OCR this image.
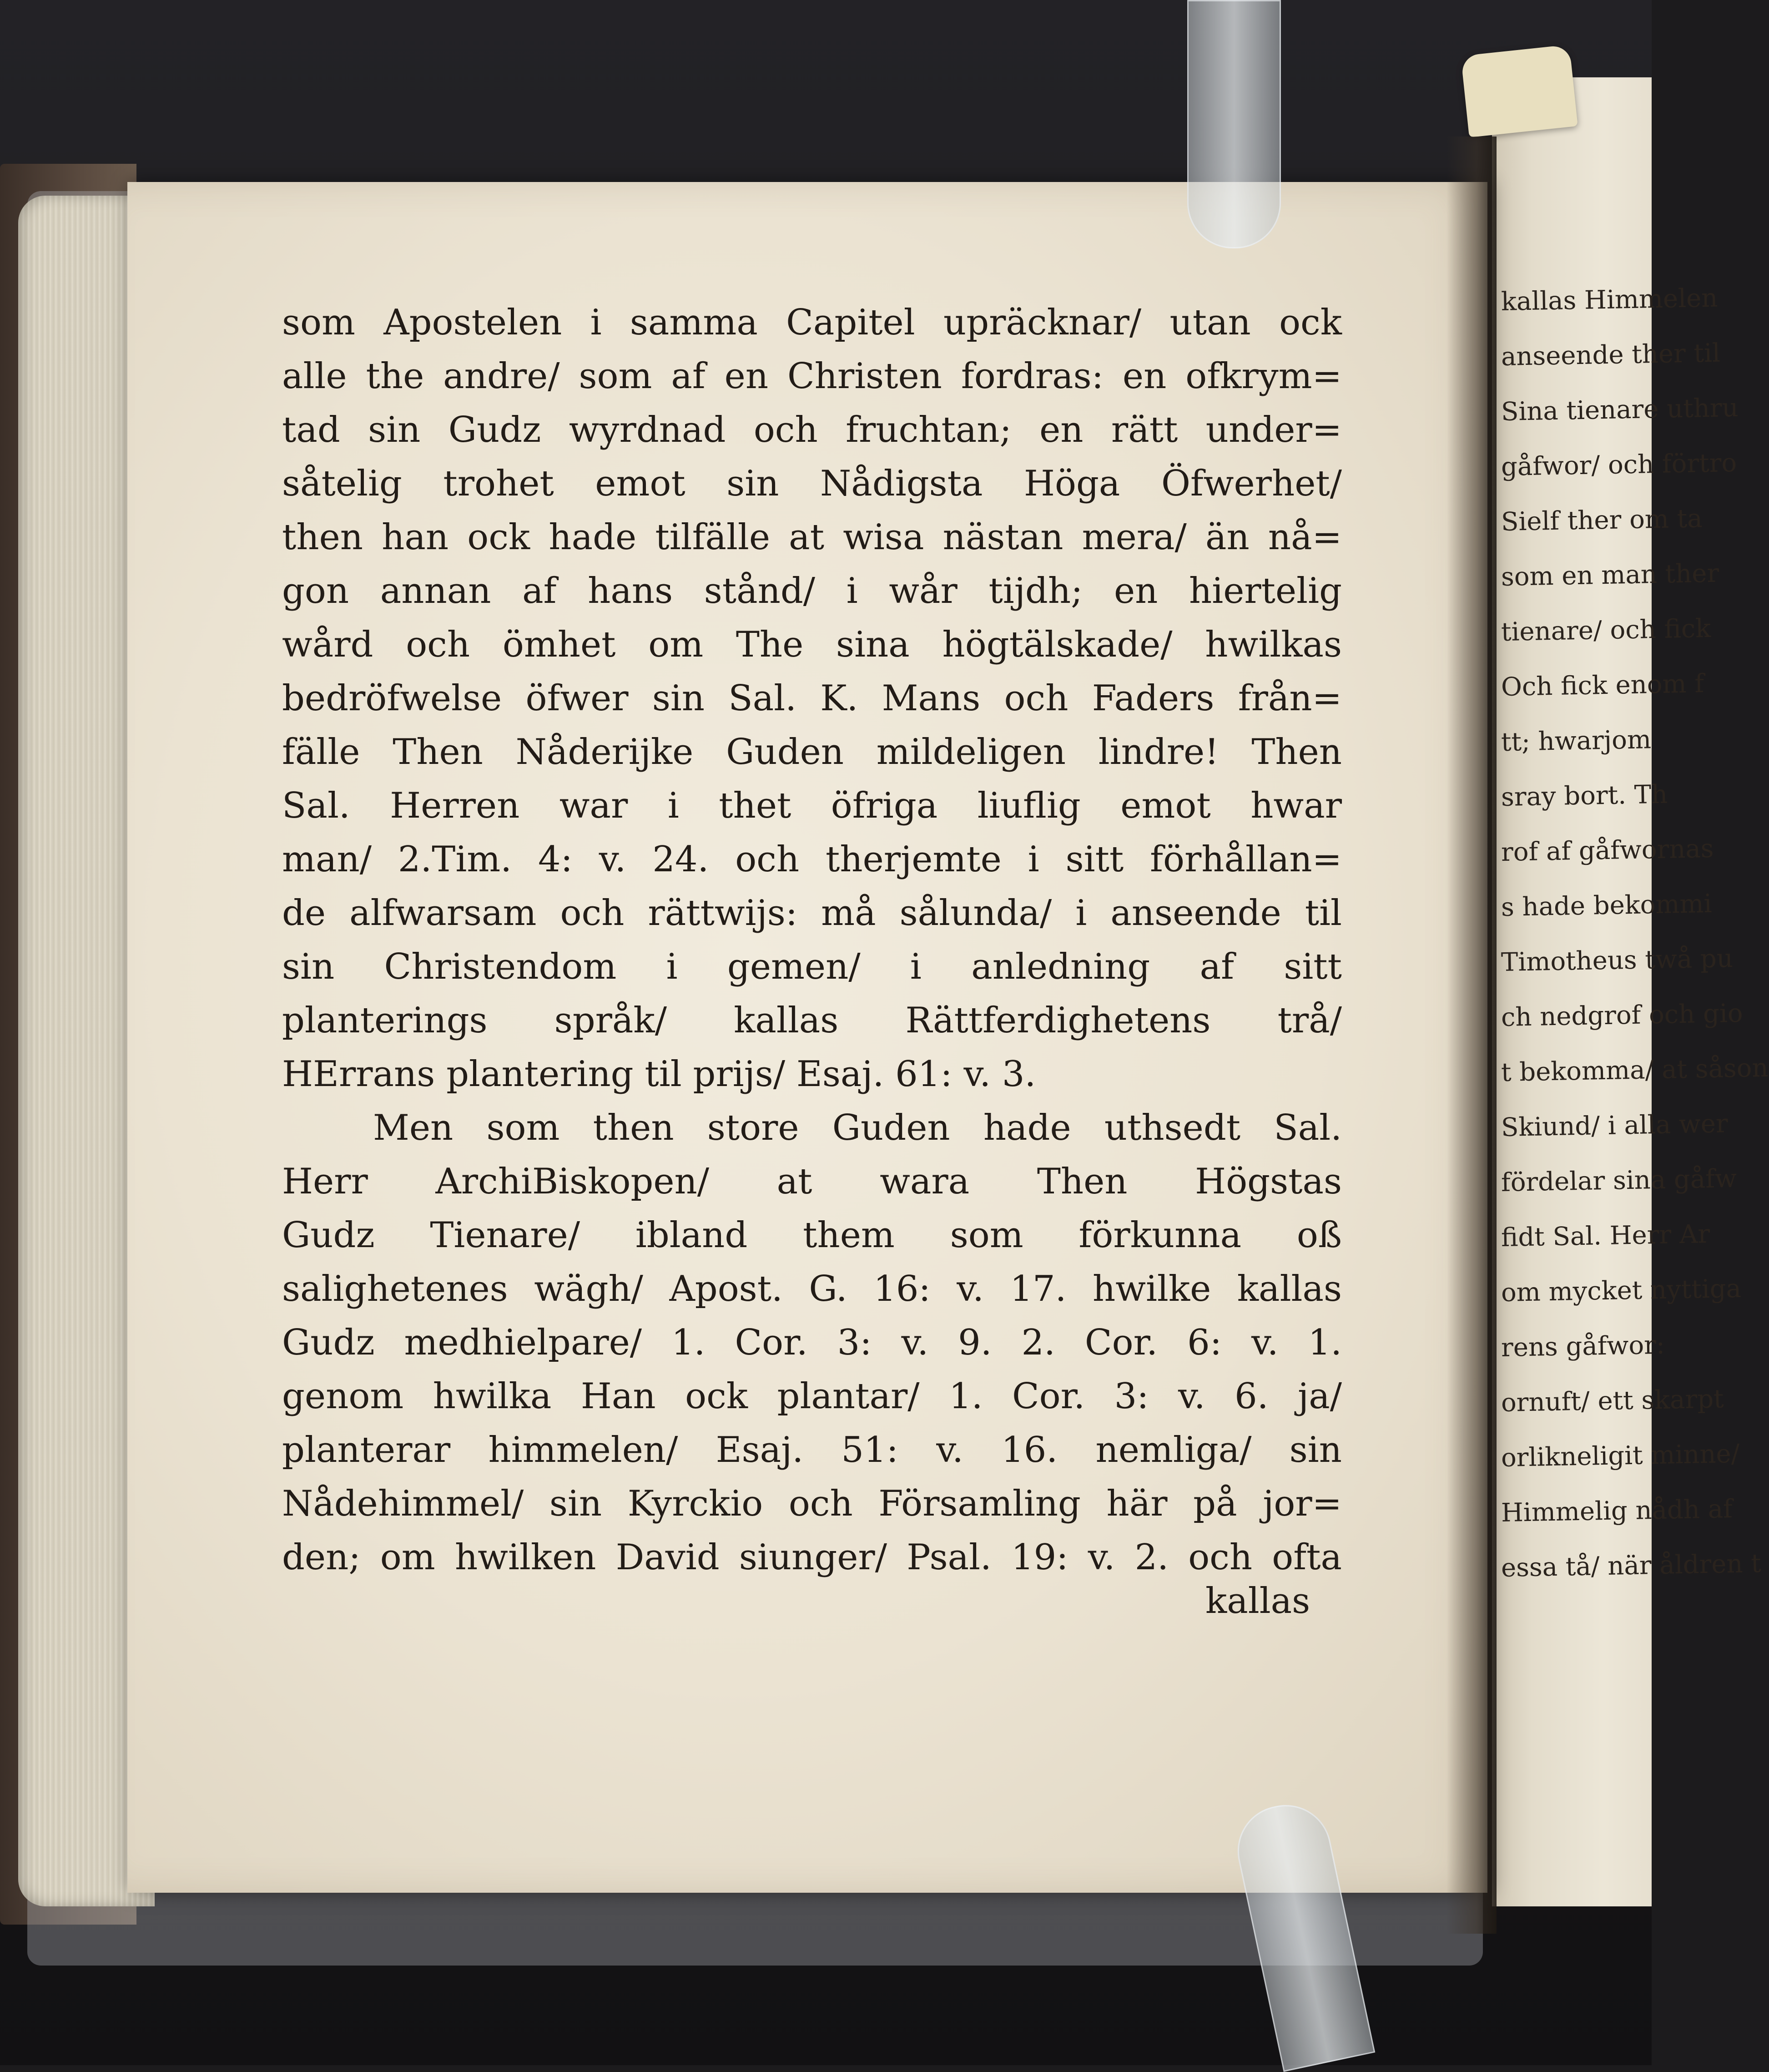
som Apostelen i samma Capitel upräcknar/ utan ock
alle the andre/ som af en Christen fordras: en ofkrym=
tad sin Gudz wyrdnad och fruchtan; en rätt under=
såtelig trohet emot sin Nådigsta Höga Öfwerhet/
then han ock hade tilfälle at wisa nästan mera/ än nå=
gon annan af hans stånd/ i wår tijdh; en hiertelig
wård och ömhet om The sina högtälskade/ hwilkas
bedröfwelse öfwer sin Sal. K. Mans och Faders från=
fälle Then Nåderijke Guden mildeligen lindre! Then
Sal. Herren war i thet öfriga liuflig emot hwar
man/ 2.Tim. 4: v. 24. och therjemte i sitt förhållan=
de alfwarsam och rättwijs: må sålunda/ i anseende til
sin Christendom i gemen/ i anledning af sitt
planterings språk/ kallas Rättferdighetens trå/
HErrans plantering til prijs/ Esaj. 61: v. 3.
Men som then store Guden hade uthsedt Sal.
Herr ArchiBiskopen/ at wara Then Högstas
Gudz Tienare/ ibland them som förkunna oß
salighetenes wägh/ Apost. G. 16: v. 17. hwilke kallas
Gudz medhielpare/ 1. Cor. 3: v. 9. 2. Cor. 6: v. 1.
genom hwilka Han ock plantar/ 1. Cor. 3: v. 6. ja/
planterar himmelen/ Esaj. 51: v. 16. nemliga/ sin
Nådehimmel/ sin Kyrckio och Församling här på jor=
den; om hwilken David siunger/ Psal. 19: v. 2. och ofta
kallas
kallas Himmelen
anseende ther til
Sina tienare uthru
gåfwor/ och förtro
Sielf ther om ta
som en man ther
tienare/ och fick
Och fick enom f
tt; hwarjom
sray bort. Th
rof af gåfwornas
s hade bekommi
Timotheus twå pu
ch nedgrof och gio
t bekomma/ at såson
Skiund/ i alla wer
fördelar sina gåfw
fidt Sal. Herr Ar
om mycket nyttiga
rens gåfwor:
ornuft/ ett skarpt
orlikneligit minne/
Himmelig nådh af
essa tå/ när åldren t
